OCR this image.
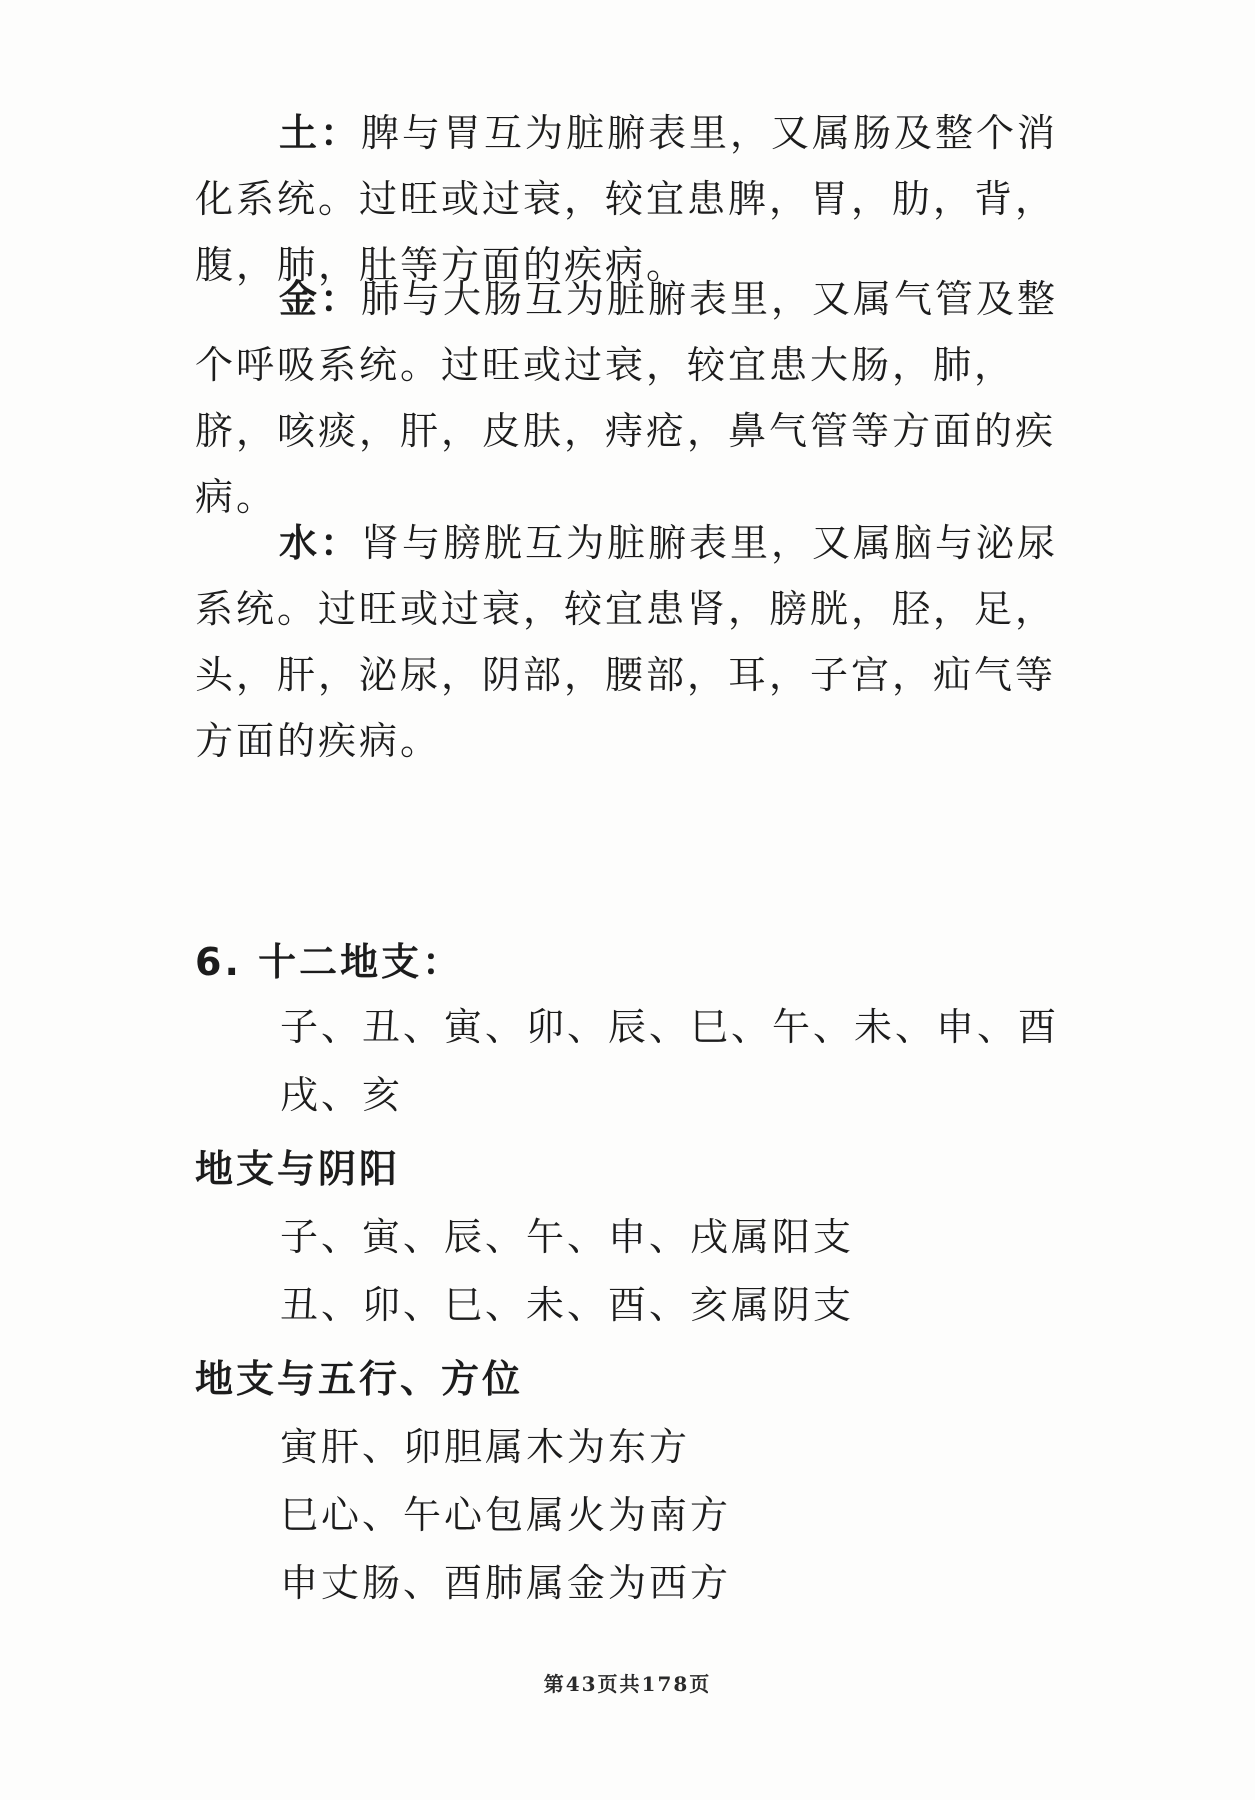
土：脾与胃互为脏腑表里，又属肠及整个消化系统。过旺或过衰，较宜患脾，胃，肋，背，腹，肺，肚等方面的疾病。
金：肺与大肠互为脏腑表里，又属气管及整个呼吸系统。过旺或过衰，较宜患大肠，肺，脐，咳痰，肝，皮肤，痔疮，鼻气管等方面的疾病。
水：肾与膀胱互为脏腑表里，又属脑与泌尿系统。过旺或过衰，较宜患肾，膀胱，胫，足，头，肝，泌尿，阴部，腰部，耳，子宫，疝气等方面的疾病。
6. 十二地支：
子、丑、寅、卯、辰、巳、午、未、申、酉
戌、亥
地支与阴阳
子、寅、辰、午、申、戌属阳支
丑、卯、巳、未、酉、亥属阴支
地支与五行、方位
寅肝、卯胆属木为东方
巳心、午心包属火为南方
申丈肠、酉肺属金为西方
第43页共178页
